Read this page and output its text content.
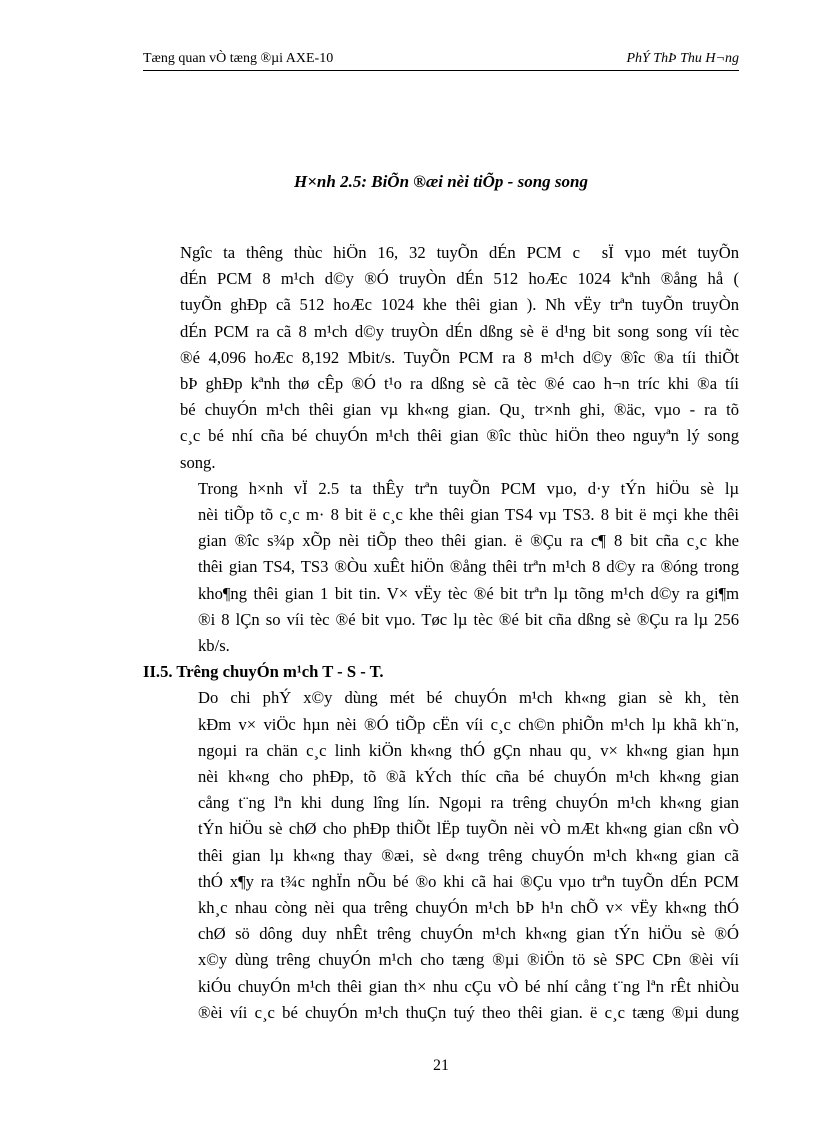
Tæng quan vÒ tæng ®µi AXE-10	PhÝ ThÞ Thu H¬ng
H×nh 2.5: BiÕn ®æi nèi tiÕp - song song

Ngîc ta thêng thùc hiÖn 16, 32 tuyÕn dÉn PCM c sÏ vµo mét tuyÕn
dÉn PCM 8 m¹ch d©y ®Ó truyÒn dÉn 512 hoÆc 1024 kªnh ®ång hå (
tuyÕn ghÐp cã 512 hoÆc 1024 khe thêi gian ). Nh vËy trªn tuyÕn truyÒn
dÉn PCM ra cã 8 m¹ch d©y truyÒn dÉn dßng sè ë d¹ng bit song song víi tèc
®é 4,096 hoÆc 8,192 Mbit/s. TuyÕn PCM ra 8 m¹ch d©y ®îc ®a tíi thiÕt
bÞ ghÐp kªnh thø cÊp ®Ó t¹o ra dßng sè cã tèc ®é cao h¬n tríc khi ®a tíi
bé chuyÓn m¹ch thêi gian vµ kh«ng gian. Qu¸ tr×nh ghi, ®äc, vµo - ra tõ
c¸c bé nhí cña bé chuyÓn m¹ch thêi gian ®îc thùc hiÖn theo nguyªn lý song
song.

Trong h×nh vÏ 2.5 ta thÊy trªn tuyÕn PCM vµo, d·y tÝn hiÖu sè lµ
nèi tiÕp tõ c¸c m· 8 bit ë c¸c khe thêi gian TS4 vµ TS3. 8 bit ë mçi khe thêi
gian ®îc s¾p xÕp nèi tiÕp theo thêi gian. ë ®Çu ra c¶ 8 bit cña c¸c khe
thêi gian TS4, TS3 ®Òu xuÊt hiÖn ®ång thêi trªn m¹ch 8 d©y ra ®óng trong
kho¶ng thêi gian 1 bit tin. V× vËy tèc ®é bit trªn lµ tõng m¹ch d©y ra gi¶m
®i 8 lÇn so víi tèc ®é bit vµo. Tøc lµ tèc ®é bit cña dßng sè ®Çu ra lµ 256
kb/s.

II.5. Trêng chuyÓn m¹ch T - S - T.

Do chi phÝ x©y dùng mét bé chuyÓn m¹ch kh«ng gian sè kh¸ tèn
kÐm v× viÖc hµn nèi ®Ó tiÕp cËn víi c¸c ch©n phiÕn m¹ch lµ khã kh¨n,
ngoµi ra chän c¸c linh kiÖn kh«ng thÓ gÇn nhau qu¸ v× kh«ng gian hµn
nèi kh«ng cho phÐp, tõ ®ã kÝch thíc cña bé chuyÓn m¹ch kh«ng gian
cång t¨ng lªn khi dung lîng lín. Ngoµi ra trêng chuyÓn m¹ch kh«ng gian
tÝn hiÖu sè chØ cho phÐp thiÕt lËp tuyÕn nèi vÒ mÆt kh«ng gian cßn vÒ
thêi gian lµ kh«ng thay ®æi, sè d«ng trêng chuyÓn m¹ch kh«ng gian cã
thÓ x¶y ra t¾c nghÏn nÕu bé ®o khi cã hai ®Çu vµo trªn tuyÕn dÉn PCM
kh¸c nhau còng nèi qua trêng chuyÓn m¹ch bÞ h¹n chÕ v× vËy kh«ng thÓ
chØ sö dông duy nhÊt trêng chuyÓn m¹ch kh«ng gian tÝn hiÖu sè ®Ó
x©y dùng trêng chuyÓn m¹ch cho tæng ®µi ®iÖn tö sè SPC CÞn ®èi víi
kiÓu chuyÓn m¹ch thêi gian th× nhu cÇu vÒ bé nhí cång t¨ng lªn rÊt nhiÒu
®èi víi c¸c bé chuyÓn m¹ch thuÇn tuý theo thêi gian. ë c¸c tæng ®µi dung

21
